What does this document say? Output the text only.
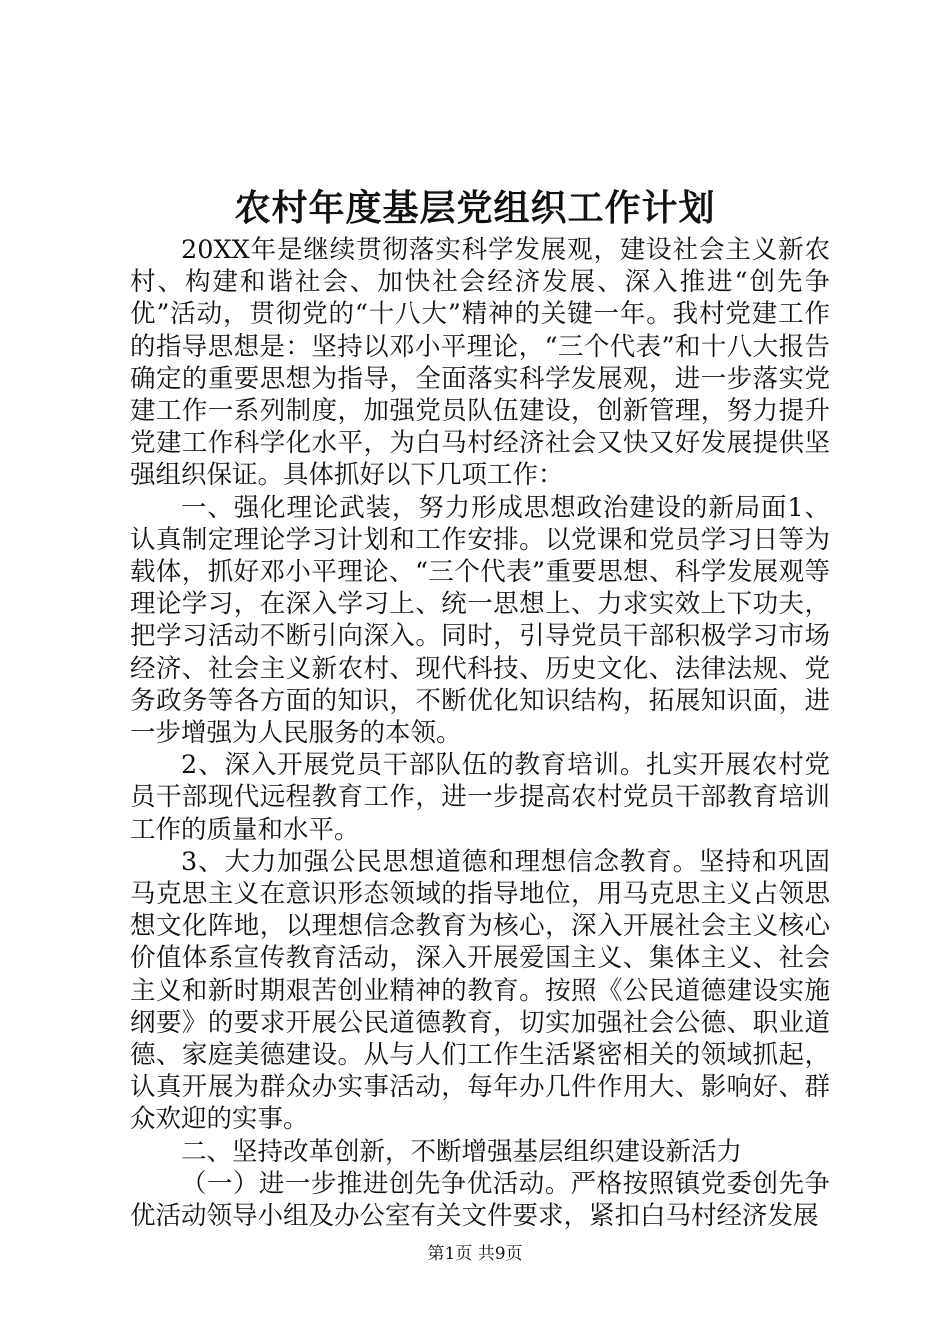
农村年度基层党组织工作计划

20XX年是继续贯彻落实科学发展观，建设社会主义新农村、构建和谐社会、加快社会经济发展、深入推进“创先争优”活动，贯彻党的“十八大”精神的关键一年。我村党建工作的指导思想是：坚持以邓小平理论，“三个代表”和十八大报告确定的重要思想为指导，全面落实科学发展观，进一步落实党建工作一系列制度，加强党员队伍建设，创新管理，努力提升党建工作科学化水平，为白马村经济社会又快又好发展提供坚强组织保证。具体抓好以下几项工作：

一、强化理论武装，努力形成思想政治建设的新局面1、认真制定理论学习计划和工作安排。以党课和党员学习日等为载体，抓好邓小平理论、“三个代表”重要思想、科学发展观等理论学习，在深入学习上、统一思想上、力求实效上下功夫，把学习活动不断引向深入。同时，引导党员干部积极学习市场经济、社会主义新农村、现代科技、历史文化、法律法规、党务政务等各方面的知识，不断优化知识结构，拓展知识面，进一步增强为人民服务的本领。

2、深入开展党员干部队伍的教育培训。扎实开展农村党员干部现代远程教育工作，进一步提高农村党员干部教育培训工作的质量和水平。

3、大力加强公民思想道德和理想信念教育。坚持和巩固马克思主义在意识形态领域的指导地位，用马克思主义占领思想文化阵地，以理想信念教育为核心，深入开展社会主义核心价值体系宣传教育活动，深入开展爱国主义、集体主义、社会主义和新时期艰苦创业精神的教育。按照《公民道德建设实施纲要》的要求开展公民道德教育，切实加强社会公德、职业道德、家庭美德建设。从与人们工作生活紧密相关的领域抓起，认真开展为群众办实事活动，每年办几件作用大、影响好、群众欢迎的实事。

二、坚持改革创新，不断增强基层组织建设新活力

（一）进一步推进创先争优活动。严格按照镇党委创先争优活动领导小组及办公室有关文件要求，紧扣白马村经济发展

第1页 共9页
